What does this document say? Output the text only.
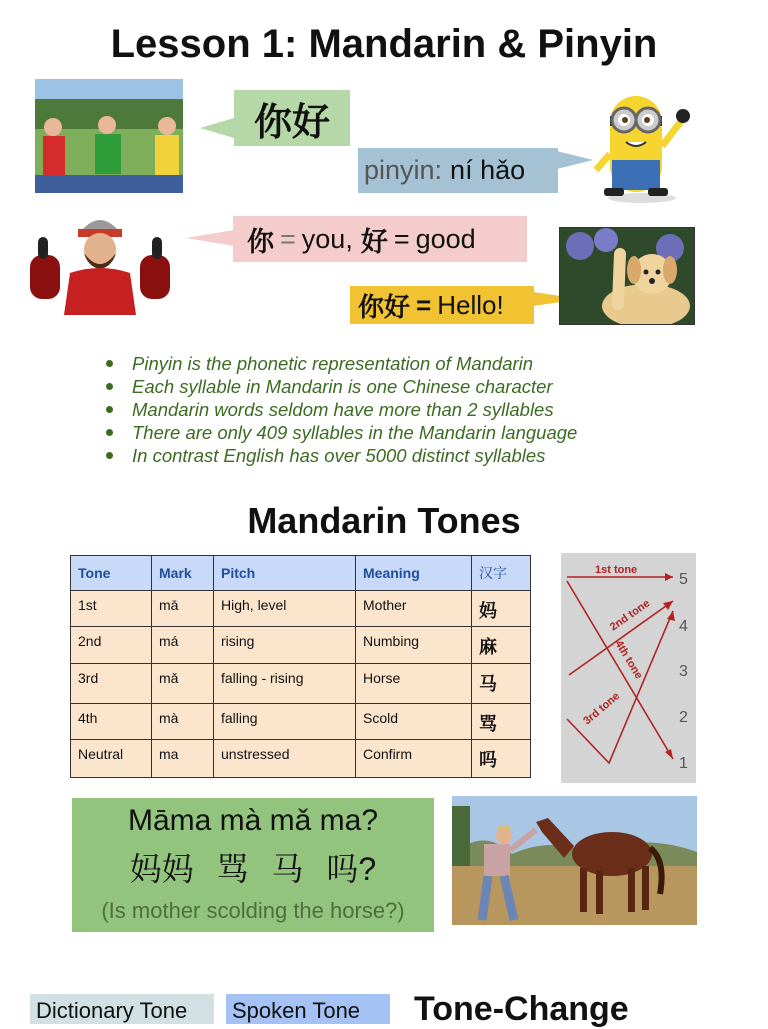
Lesson 1: Mandarin & Pinyin
你好
pinyin: ní hǎo
你 = you, 好 = good
你好 = Hello!
Pinyin is the phonetic representation of Mandarin
Each syllable in Mandarin is one Chinese character
Mandarin words seldom have more than 2 syllables
There are only 409 syllables in the Mandarin language
In contrast English has over 5000 distinct syllables
Mandarin Tones
Tone	Mark	Pitch	Meaning	汉字
1st	mā	High, level	Mother	妈
2nd	má	rising	Numbing	麻
3rd	mǎ	falling - rising	Horse	马
4th	mà	falling	Scold	骂
Neutral	ma	unstressed	Confirm	吗
1st tone
2nd tone
4th tone
3rd tone
5
4
3
2
1
Māma mà mǎ ma?
妈妈 骂 马 吗?
(Is mother scolding the horse?)
Dictionary Tone	Spoken Tone	Tone-Change
